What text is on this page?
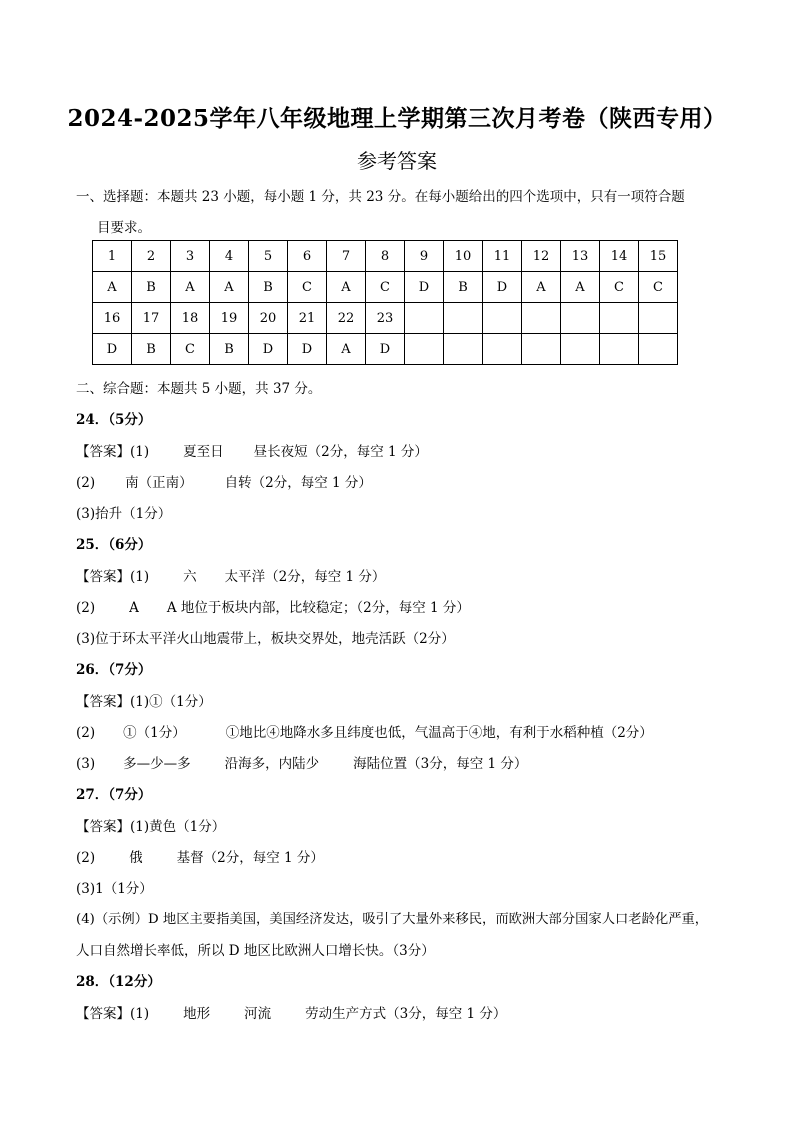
2024-2025学年八年级地理上学期第三次月考卷（陕西专用）
参考答案
一、选择题：本题共 23 小题，每小题 1 分，共 23 分。在每小题给出的四个选项中，只有一项符合题
目要求。
1	2	3	4	5	6	7	8	9	10	11	12	13	14	15
A	B	A	A	B	C	A	C	D	B	D	A	A	C	C
16	17	18	19	20	21	22	23							
D	B	C	B	D	D	A	D							
二、综合题：本题共 5 小题，共 37 分。
24．（5分）
【答案】(1)	夏至日 昼长夜短（2分，每空 1 分）
(2) 南（正南） 自转（2分，每空 1 分）
(3)抬升（1分）
25．（6分）
【答案】(1)	六 太平洋（2分，每空 1 分）
(2)	A A 地位于板块内部，比较稳定；（2分，每空 1 分）
(3)位于环太平洋火山地震带上，板块交界处，地壳活跃（2分）
26．（7分）
【答案】(1)①（1分）
(2) ①（1分）	①地比④地降水多且纬度也低，气温高于④地，有利于水稻种植（2分）
(3) 多—少—多	沿海多，内陆少	海陆位置（3分，每空 1 分）
27．（7分）
【答案】(1)黄色（1分）
(2)	俄	基督（2分，每空 1 分）
(3)1（1分）
(4)（示例）D 地区主要指美国，美国经济发达，吸引了大量外来移民，而欧洲大部分国家人口老龄化严重，
人口自然增长率低，所以 D 地区比欧洲人口增长快。（3分）
28．（12分）
【答案】(1)	地形	河流	劳动生产方式（3分，每空 1 分）
